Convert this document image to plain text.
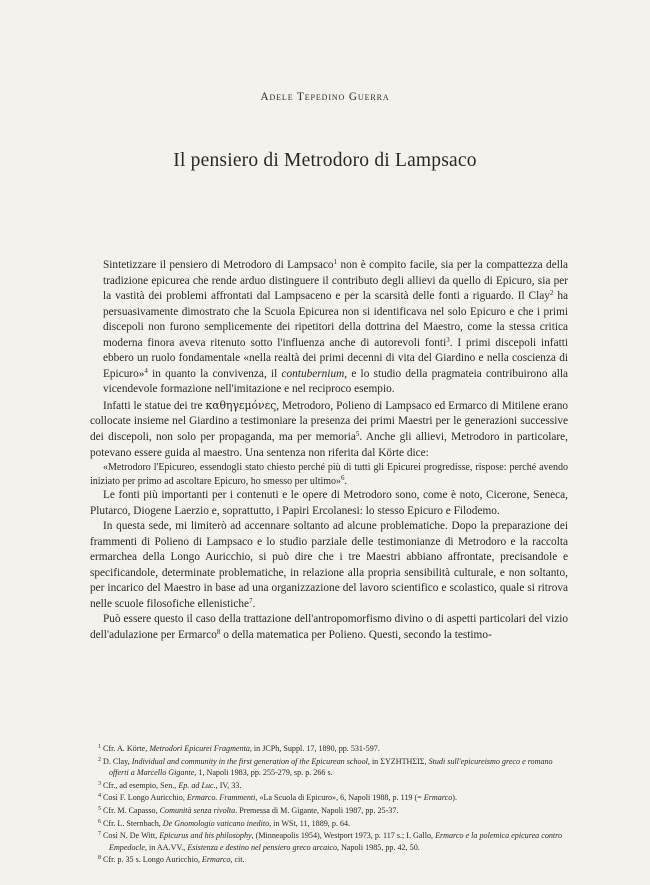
Adele Tepedino Guerra
Il pensiero di Metrodoro di Lampsaco

Sintetizzare il pensiero di Metrodoro di Lampsaco$^1$ non è compito facile, sia per la compattezza della tradizione epicurea che rende arduo distinguere il contributo degli allievi da quello di Epicuro, sia per la vastità dei problemi affrontati dal Lampsaceno e per la scarsità delle fonti a riguardo. Il Clay$^2$ ha persuasivamente dimostrato che la Scuola Epicurea non si identificava nel solo Epicuro e che i primi discepoli non furono semplicemente dei ripetitori della dottrina del Maestro, come la stessa critica moderna finora aveva ritenuto sotto l'influenza anche di autorevoli fonti$^3$. I primi discepoli infatti ebbero un ruolo fondamentale «nella realtà dei primi decenni di vita del Giardino e nella coscienza di Epicuro»$^4$ in quanto la convivenza, il contubernium, e lo studio della pragmateia contribuirono alla vicendevole formazione nell'imitazione e nel reciproco esempio.

Infatti le statue dei tre καθηγεμόνες, Metrodoro, Polieno di Lampsaco ed Ermarco di Mitilene erano collocate insieme nel Giardino a testimoniare la presenza dei primi Maestri per le generazioni successive dei discepoli, non solo per propaganda, ma per memoria$^5$. Anche gli allievi, Metrodoro in particolare, potevano essere guida al maestro. Una sentenza non riferita dal Körte dice:

«Metrodoro l'Epicureo, essendogli stato chiesto perché più di tutti gli Epicurei progredisse, rispose: perché avendo iniziato per primo ad ascoltare Epicuro, ho smesso per ultimo»$^6$.

Le fonti più importanti per i contenuti e le opere di Metrodoro sono, come è noto, Cicerone, Seneca, Plutarco, Diogene Laerzio e, soprattutto, i Papiri Ercolanesi: lo stesso Epicuro e Filodemo.

In questa sede, mi limiterò ad accennare soltanto ad alcune problematiche. Dopo la preparazione dei frammenti di Polieno di Lampsaco e lo studio parziale delle testimonianze di Metrodoro e la raccolta ermarchea della Longo Auricchio, si può dire che i tre Maestri abbiano affrontate, precisandole e specificandole, determinate problematiche, in relazione alla propria sensibilità culturale, e non soltanto, per incarico del Maestro in base ad una organizzazione del lavoro scientifico e scolastico, quale si ritrova nelle scuole filosofiche ellenistiche$^7$.

Può essere questo il caso della trattazione dell'antropomorfismo divino o di aspetti particolari del vizio dell'adulazione per Ermarco$^8$ o della matematica per Polieno. Questi, secondo la testimo-

$^1$ Cfr. A. Körte, Metrodori Epicurei Fragmenta, in JCPh, Suppl. 17, 1890, pp. 531-597.

$^2$ D. Clay, Individual and community in the first generation of the Epicurean school, in ΣΥΖΗΤΗΣΙΣ, Studi sull'epicureismo greco e romano offerti a Marcello Gigante, 1, Napoli 1983, pp. 255-279, sp. p. 266 s.

$^3$ Cfr., ad esempio, Sen., Ep. ad Luc., IV, 33.

$^4$ Così F. Longo Auricchio, Ermarco. Frammenti, «La Scuola di Epicuro», 6, Napoli 1988, p. 119 (= Ermarco).

$^5$ Cfr. M. Capasso, Comunità senza rivolta. Premessa di M. Gigante, Napoli 1987, pp. 25-37.

$^6$ Cfr. L. Sternbach, De Gnomologio vaticano inedito, in WSt, 11, 1889, p. 64.

$^7$ Così N. De Witt, Epicurus and his philosophy, (Minneapolis 1954), Westport 1973, p. 117 s.; I. Gallo, Ermarco e la polemica epicurea contro Empedocle, in AA.VV., Esistenza e destino nel pensiero greco arcaico, Napoli 1985, pp. 42, 50.

$^8$ Cfr. p. 35 s. Longo Auricchio, Ermarco, cit.
